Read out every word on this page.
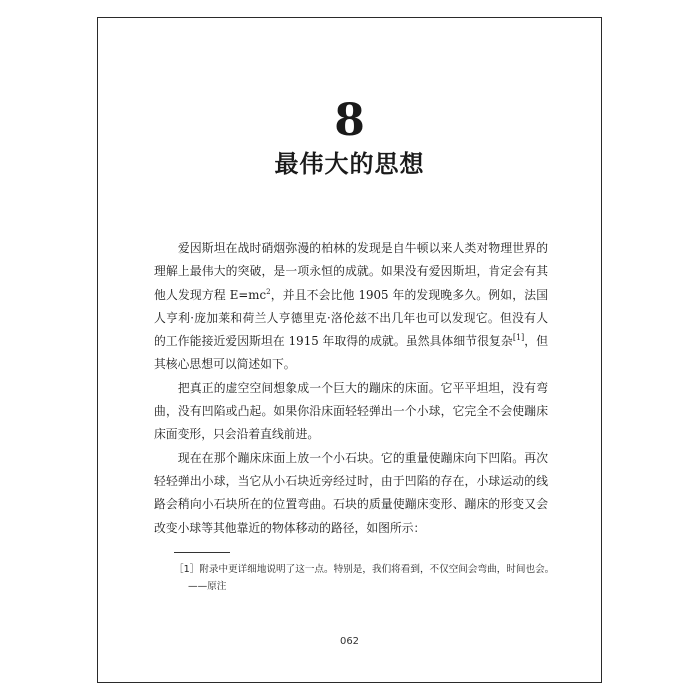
8
最伟大的思想

　　爱因斯坦在战时硝烟弥漫的柏林的发现是自牛顿以来人类对物理世界的理解上最伟大的突破，是一项永恒的成就。如果没有爱因斯坦，肯定会有其他人发现方程 $E=mc^2$，并且不会比他 1905 年的发现晚多久。例如，法国人亨利·庞加莱和荷兰人亨德里克·洛伦兹不出几年也可以发现它。但没有人的工作能接近爱因斯坦在 1915 年取得的成就。虽然具体细节很复杂[1]，但其核心思想可以简述如下。

　　把真正的虚空空间想象成一个巨大的蹦床的床面。它平平坦坦，没有弯曲，没有凹陷或凸起。如果你沿床面轻轻弹出一个小球，它完全不会使蹦床床面变形，只会沿着直线前进。

　　现在在那个蹦床床面上放一个小石块。它的重量使蹦床向下凹陷。再次轻轻弹出小球，当它从小石块近旁经过时，由于凹陷的存在，小球运动的线路会稍向小石块所在的位置弯曲。石块的质量使蹦床变形、蹦床的形变又会改变小球等其他靠近的物体移动的路径，如图所示：

［1］附录中更详细地说明了这一点。特别是，我们将看到，不仅空间会弯曲，时间也会。
——原注
062
